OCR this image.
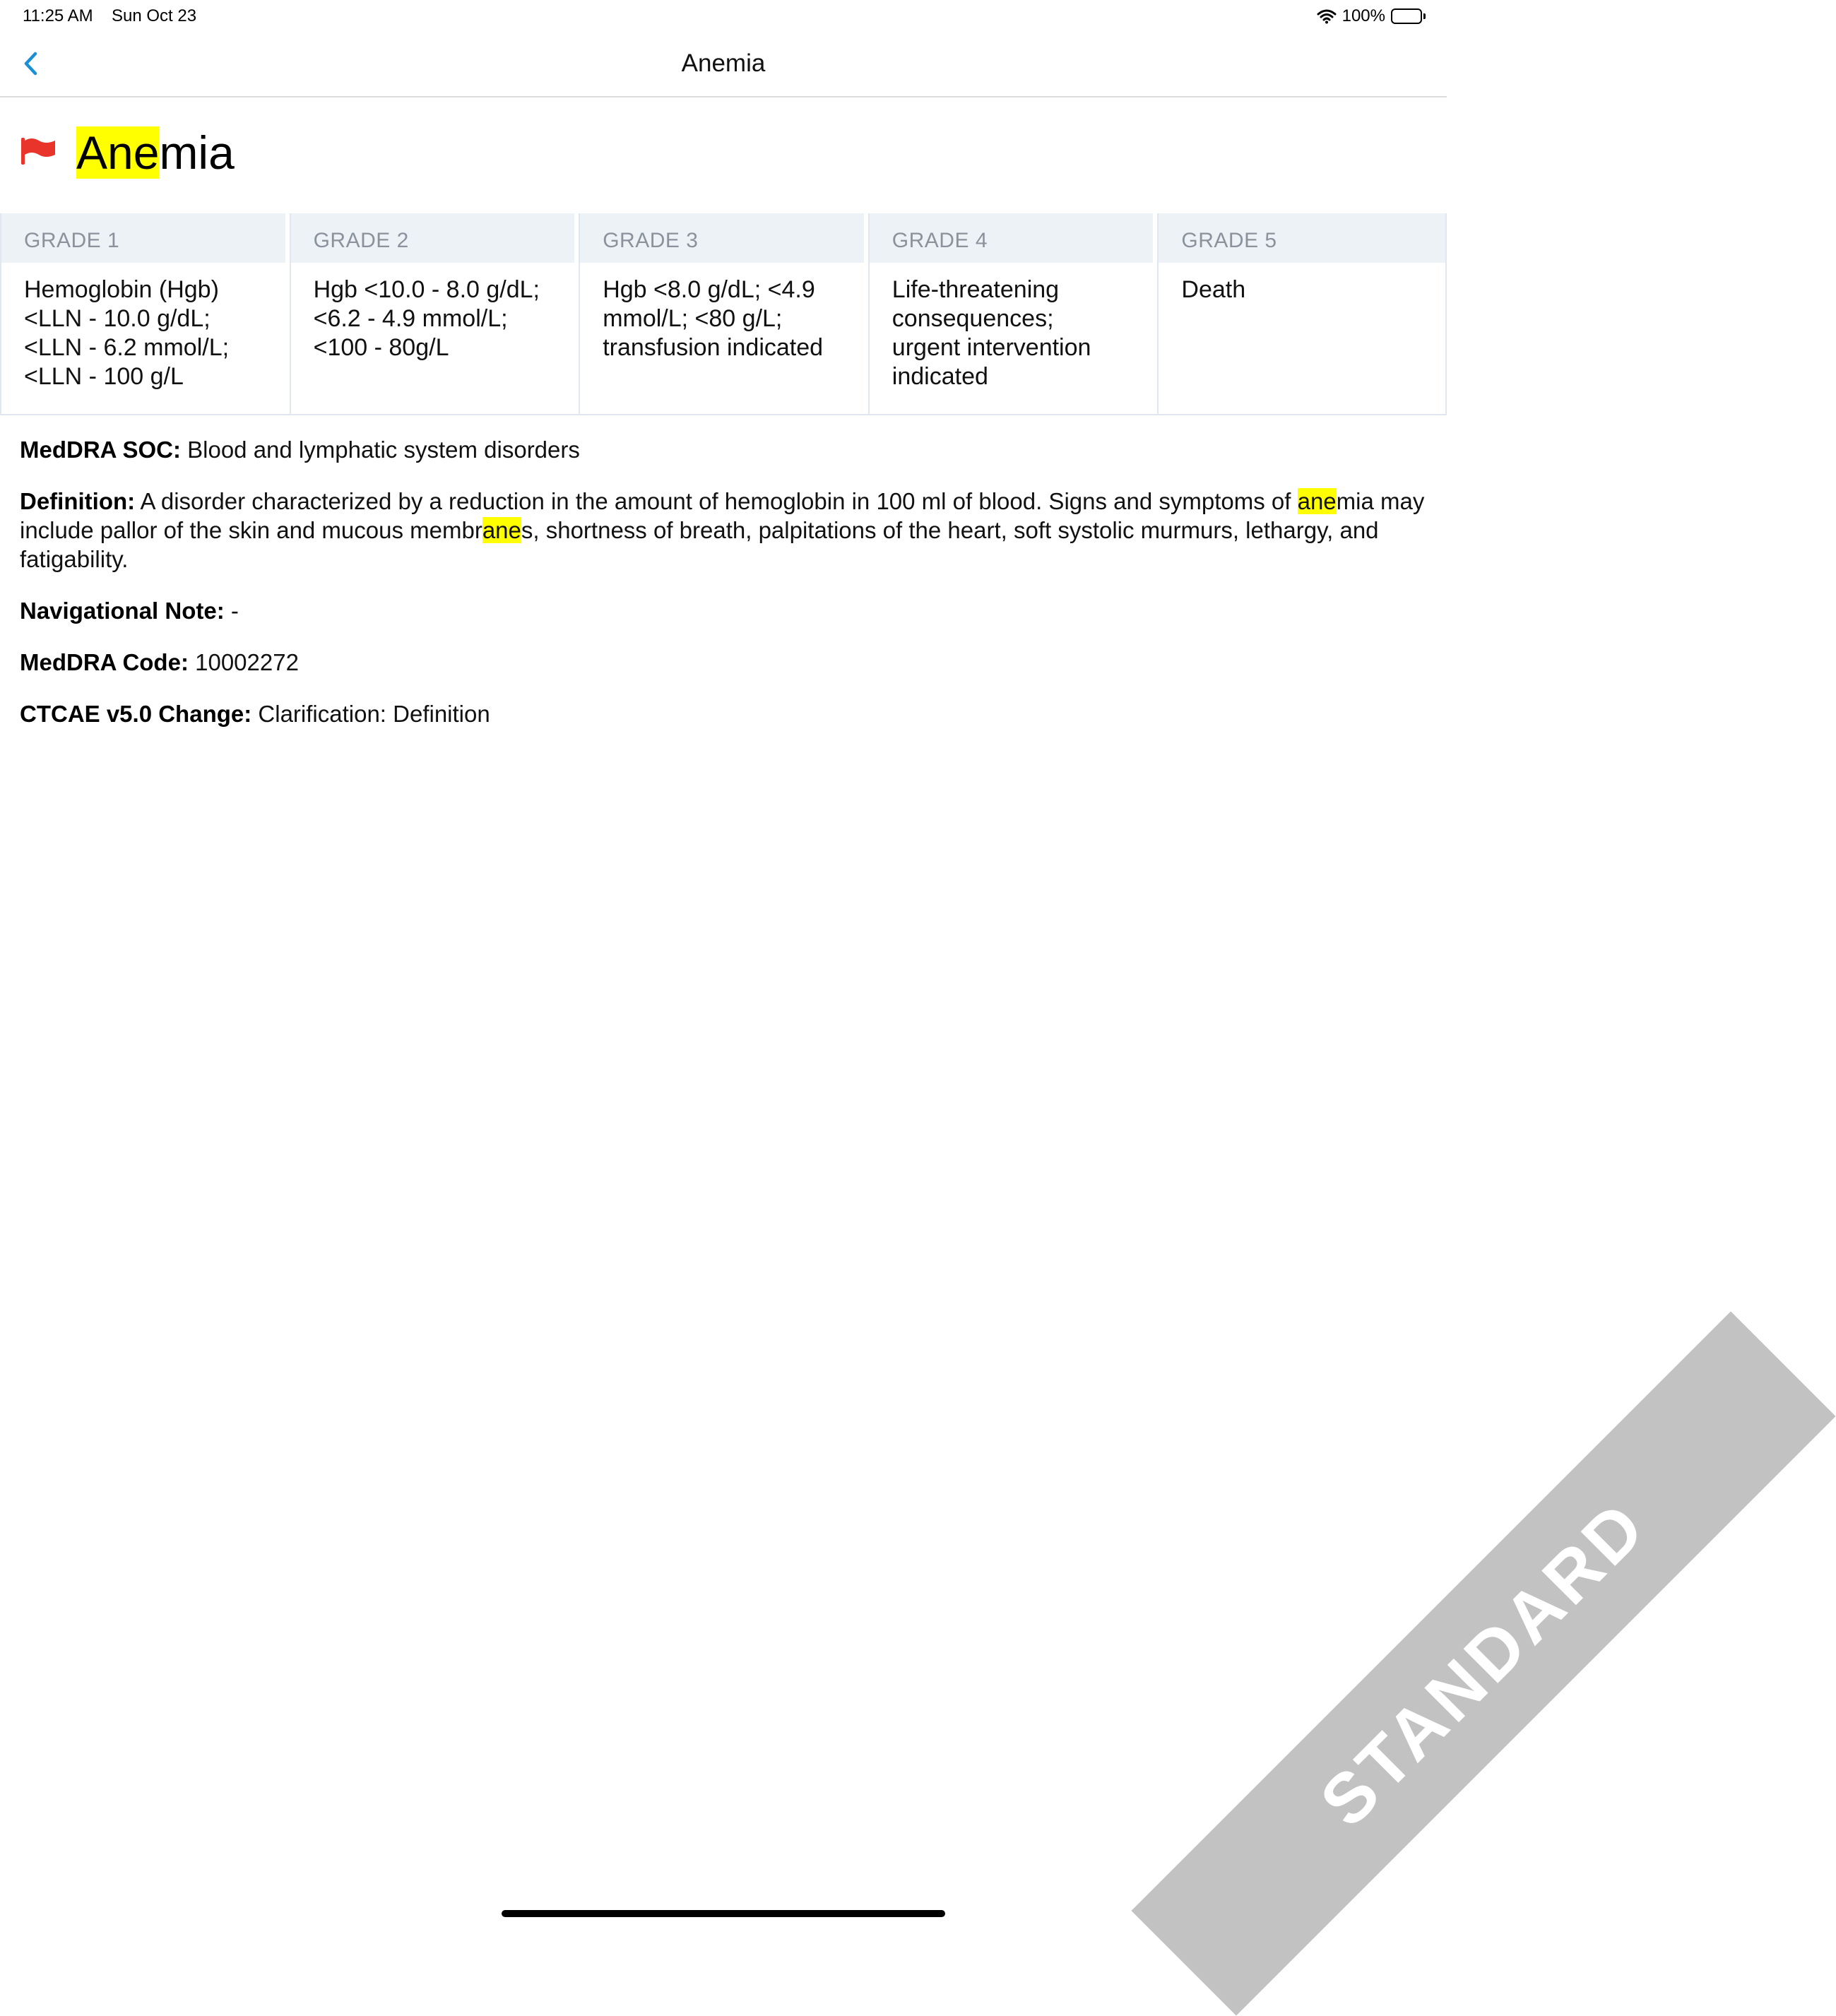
11:25 AM Sun Oct 23	100%
Anemia
Anemia
GRADE 1
Hemoglobin (Hgb)
<LLN - 10.0 g/dL;
<LLN - 6.2 mmol/L;
<LLN - 100 g/L
GRADE 2
Hgb <10.0 - 8.0 g/dL;
<6.2 - 4.9 mmol/L;
<100 - 80g/L
GRADE 3
Hgb <8.0 g/dL; <4.9
mmol/L; <80 g/L;
transfusion indicated
GRADE 4
Life-threatening
consequences;
urgent intervention
indicated
GRADE 5
Death
MedDRA SOC: Blood and lymphatic system disorders
Definition: A disorder characterized by a reduction in the amount of hemoglobin in 100 ml of blood. Signs and symptoms of anemia may include pallor of the skin and mucous membranes, shortness of breath, palpitations of the heart, soft systolic murmurs, lethargy, and fatigability.
Navigational Note: -
MedDRA Code: 10002272
CTCAE v5.0 Change: Clarification: Definition
STANDARD
